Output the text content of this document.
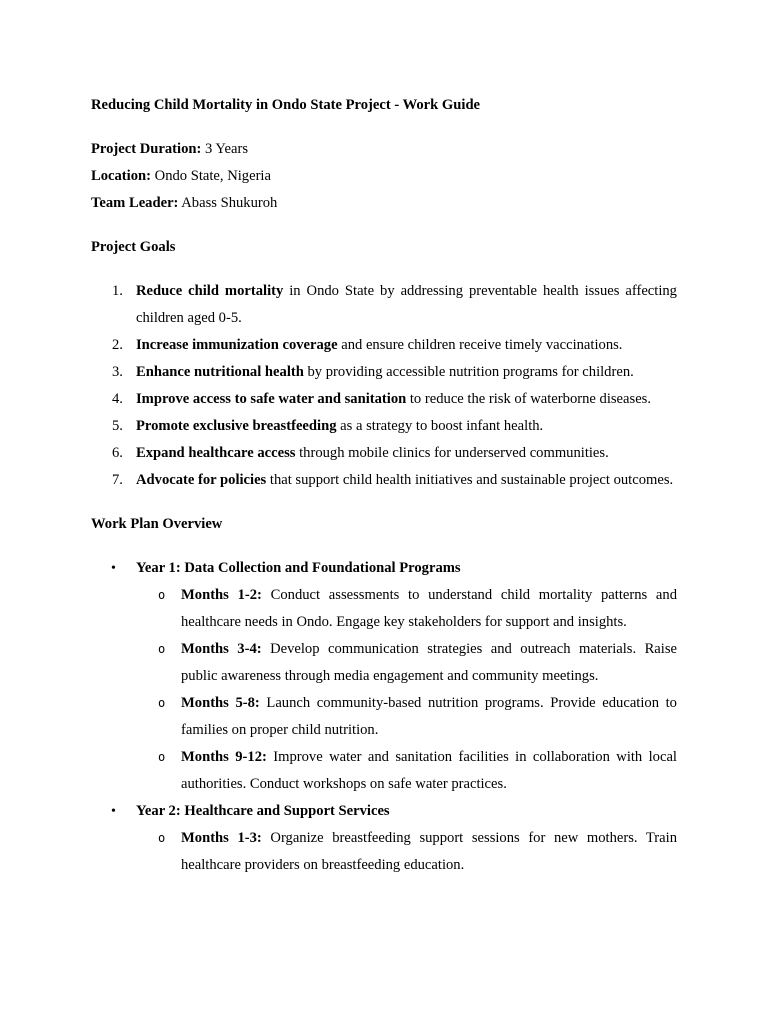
Reducing Child Mortality in Ondo State Project - Work Guide

Project Duration: 3 Years

Location: Ondo State, Nigeria

Team Leader: Abass Shukuroh

Project Goals

1. Reduce child mortality in Ondo State by addressing preventable health issues affecting children aged 0-5.
2. Increase immunization coverage and ensure children receive timely vaccinations.
3. Enhance nutritional health by providing accessible nutrition programs for children.
4. Improve access to safe water and sanitation to reduce the risk of waterborne diseases.
5. Promote exclusive breastfeeding as a strategy to boost infant health.
6. Expand healthcare access through mobile clinics for underserved communities.
7. Advocate for policies that support child health initiatives and sustainable project outcomes.

Work Plan Overview

• Year 1: Data Collection and Foundational Programs
o Months 1-2: Conduct assessments to understand child mortality patterns and healthcare needs in Ondo. Engage key stakeholders for support and insights.
o Months 3-4: Develop communication strategies and outreach materials. Raise public awareness through media engagement and community meetings.
o Months 5-8: Launch community-based nutrition programs. Provide education to families on proper child nutrition.
o Months 9-12: Improve water and sanitation facilities in collaboration with local authorities. Conduct workshops on safe water practices.
• Year 2: Healthcare and Support Services
o Months 1-3: Organize breastfeeding support sessions for new mothers. Train healthcare providers on breastfeeding education.
